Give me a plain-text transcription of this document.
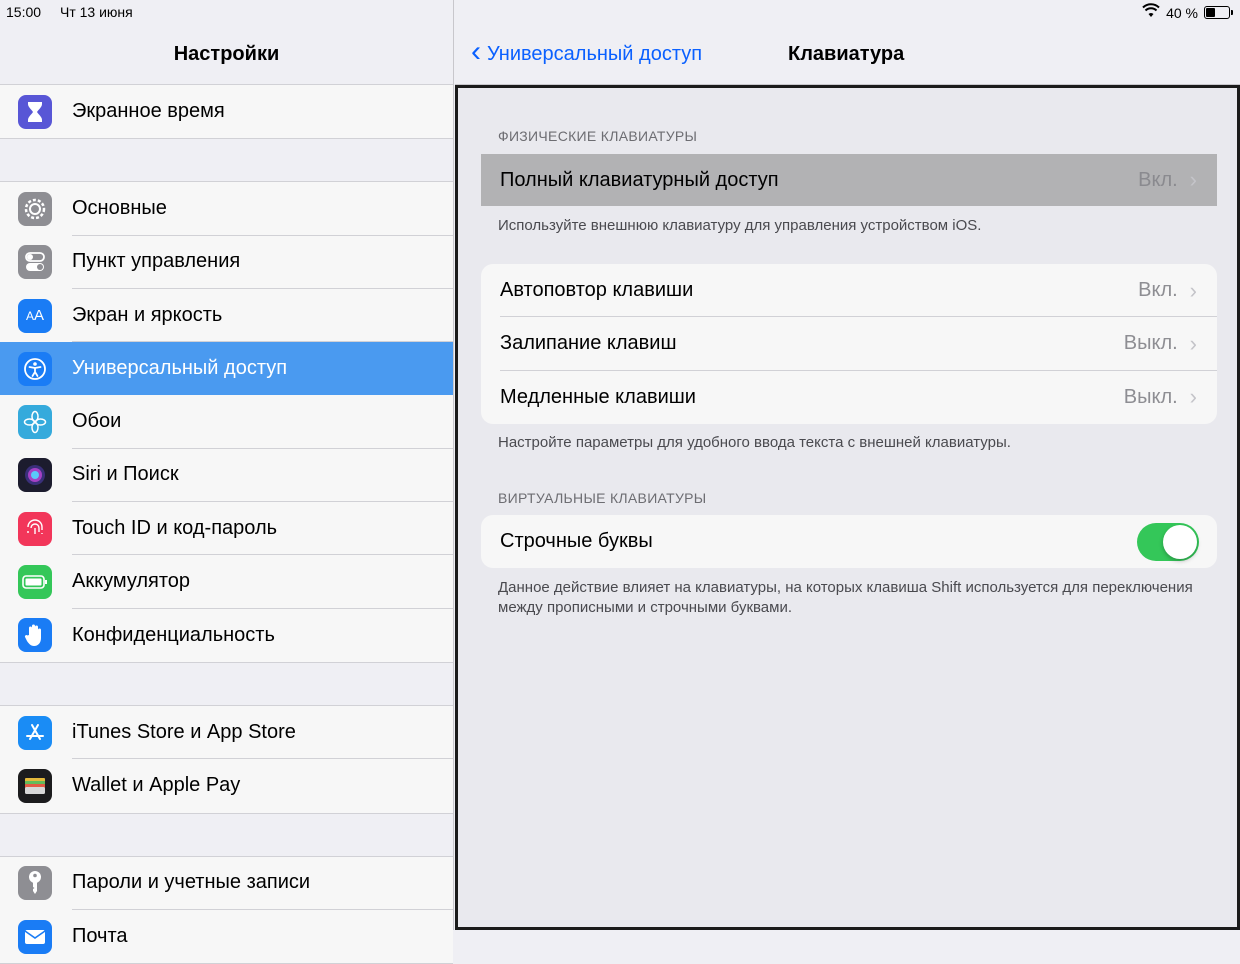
Настройки
Экранное время
Основные
Пункт управления
A A	Экран и яркость
Универсальный доступ
Обои
Siri и Поиск
Touch ID и код-пароль
Аккумулятор
Конфиденциальность
iTunes Store и App Store
Wallet и Apple Pay
Пароли и учетные записи
Почта
‹ Универсальный доступ	Клавиатура
ФИЗИЧЕСКИЕ КЛАВИАТУРЫ
Полный клавиатурный доступ	Вкл. ›
Используйте внешнюю клавиатуру для управления устройством iOS.
Автоповтор клавиши	Вкл. ›
Залипание клавиш	Выкл. ›
Медленные клавиши	Выкл. ›
Настройте параметры для удобного ввода текста с внешней клавиатуры.
ВИРТУАЛЬНЫЕ КЛАВИАТУРЫ
Строчные буквы
Данное действие влияет на клавиатуры, на которых клавиша Shift используется для переключения между прописными и строчными буквами.
15:00 Чт 13 июня	40 %
